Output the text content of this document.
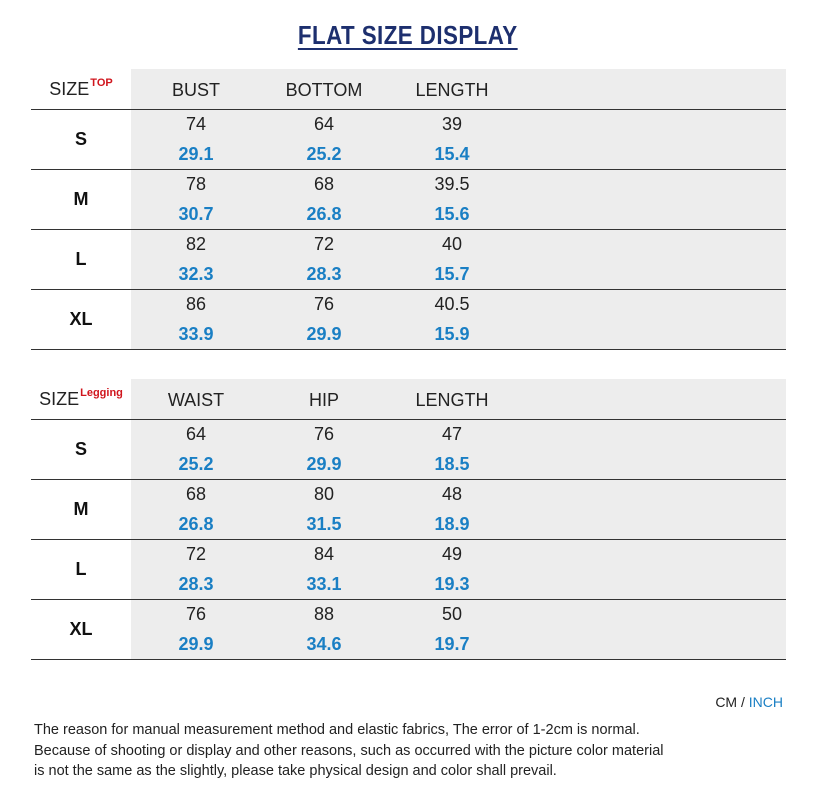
FLAT SIZE DISPLAY
$SIZE^{TOP}$	BUST	BOTTOM	LENGTH
S
74	64	39
29.1	25.2	15.4
M
78	68	39.5
30.7	26.8	15.6
L
82	72	40
32.3	28.3	15.7
XL
86	76	40.5
33.9	29.9	15.9
$SIZE^{Legging}$	WAIST	HIP	LENGTH
S
64	76	47
25.2	29.9	18.5
M
68	80	48
26.8	31.5	18.9
L
72	84	49
28.3	33.1	19.3
XL
76	88	50
29.9	34.6	19.7
CM / INCH
The reason for manual measurement method and elastic fabrics, The error of 1-2cm is normal.
Because of shooting or display and other reasons, such as occurred with the picture color material
is not the same as the slightly, please take physical design and color shall prevail.
